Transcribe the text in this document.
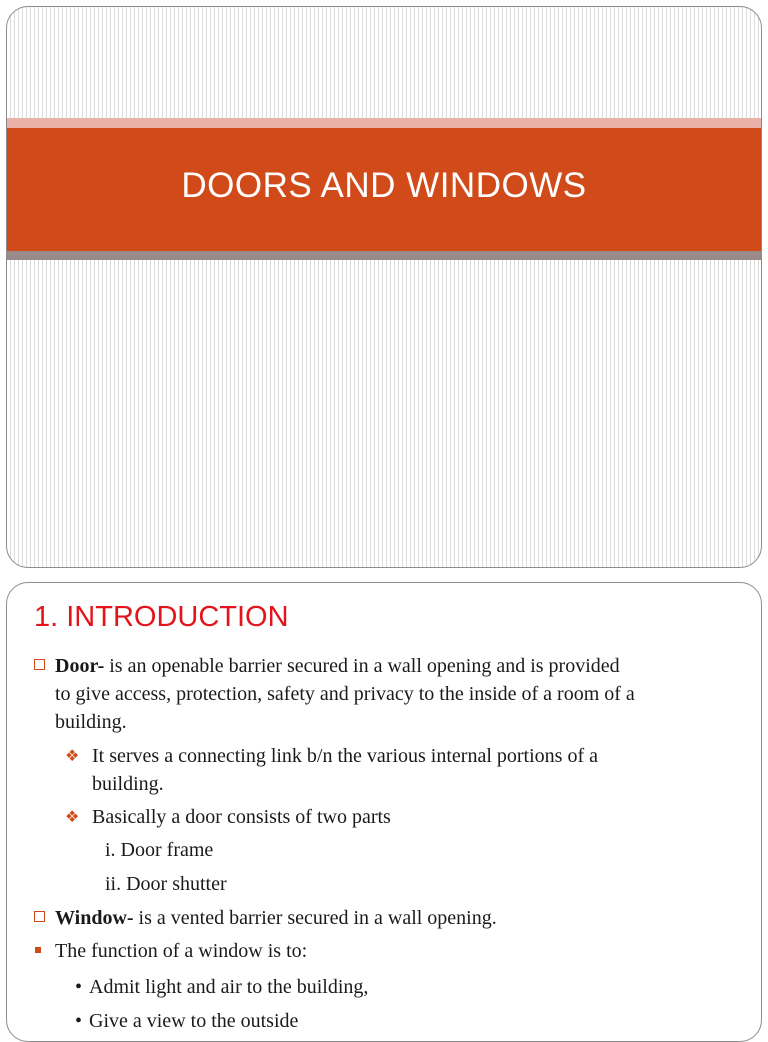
DOORS AND WINDOWS
1. INTRODUCTION
Door- is an openable barrier secured in a wall opening and is provided
to give access, protection, safety and privacy to the inside of a room of a
building.
❖ It serves a connecting link b/n the various internal portions of a
building.
❖ Basically a door consists of two parts
i. Door frame
ii. Door shutter
Window- is a vented barrier secured in a wall opening.
The function of a window is to:
• Admit light and air to the building,
• Give a view to the outside
